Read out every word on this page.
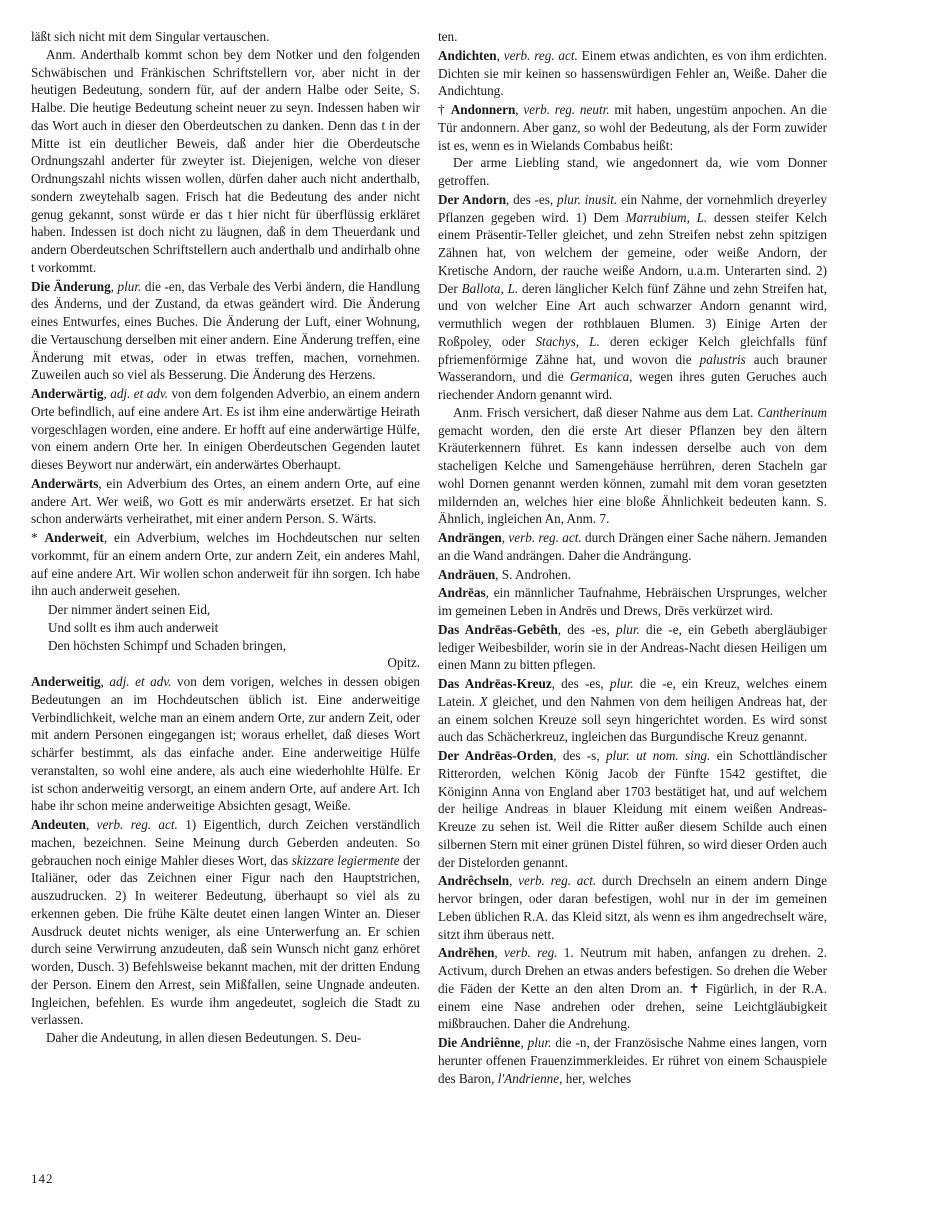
läßt sich nicht mit dem Singular vertauschen.

Anm. Anderthalb kommt schon bey dem Notker und den folgenden Schwäbischen und Fränkischen Schriftstellern vor, aber nicht in der heutigen Bedeutung, sondern für, auf der andern Halbe oder Seite, S. Halbe. Die heutige Bedeutung scheint neuer zu seyn. Indessen haben wir das Wort auch in dieser den Oberdeutschen zu danken. Denn das t in der Mitte ist ein deutlicher Beweis, daß ander hier die Oberdeutsche Ordnungszahl anderter für zweyter ist. Diejenigen, welche von dieser Ordnungszahl nichts wissen wollen, dürfen daher auch nicht anderthalb, sondern zweytehalb sagen. Frisch hat die Bedeutung des ander nicht genug gekannt, sonst würde er das t hier nicht für überflüssig erkläret haben. Indessen ist doch nicht zu läugnen, daß in dem Theuerdank und andern Oberdeutschen Schriftstellern auch anderthalb und andirhalb ohne t vorkommt.

Die Änderung, plur. die -en, das Verbale des Verbi ändern, die Handlung des Änderns, und der Zustand, da etwas geändert wird. Die Änderung eines Entwurfes, eines Buches. Die Änderung der Luft, einer Wohnung, die Vertauschung derselben mit einer andern. Eine Änderung treffen, eine Änderung mit etwas, oder in etwas treffen, machen, vornehmen. Zuweilen auch so viel als Besserung. Die Änderung des Herzens.

Anderwärtig, adj. et adv. von dem folgenden Adverbio, an einem andern Orte befindlich, auf eine andere Art. Es ist ihm eine anderwärtige Heirath vorgeschlagen worden, eine andere. Er hofft auf eine anderwärtige Hülfe, von einem andern Orte her. In einigen Oberdeutschen Gegenden lautet dieses Beywort nur anderwärt, ein anderwärtes Oberhaupt.

Anderwärts, ein Adverbium des Ortes, an einem andern Orte, auf eine andere Art. Wer weiß, wo Gott es mir anderwärts ersetzet. Er hat sich schon anderwärts verheirathet, mit einer andern Person. S. Wärts.

* Anderweit, ein Adverbium, welches im Hochdeutschen nur selten vorkommt, für an einem andern Orte, zur andern Zeit, ein anderes Mahl, auf eine andere Art. Wir wollen schon anderweit für ihn sorgen. Ich habe ihn auch anderweit gesehen.

Der nimmer ändert seinen Eid,

Und sollt es ihm auch anderweit

Den höchsten Schimpf und Schaden bringen,

Opitz.

Anderweitig, adj. et adv. von dem vorigen, welches in dessen obigen Bedeutungen an im Hochdeutschen üblich ist. Eine anderweitige Verbindlichkeit, welche man an einem andern Orte, zur andern Zeit, oder mit andern Personen eingegangen ist; woraus erhellet, daß dieses Wort schärfer bestimmt, als das einfache ander. Eine anderweitige Hülfe veranstalten, so wohl eine andere, als auch eine wiederhohlte Hülfe. Er ist schon anderweitig versorgt, an einem andern Orte, auf andere Art. Ich habe ihr schon meine anderweitige Absichten gesagt, Weiße.

Andeuten, verb. reg. act. 1) Eigentlich, durch Zeichen verständlich machen, bezeichnen. Seine Meinung durch Geberden andeuten. So gebrauchen noch einige Mahler dieses Wort, das skizzare legiermente der Italiäner, oder das Zeichnen einer Figur nach den Hauptstrichen, auszudrucken. 2) In weiterer Bedeutung, überhaupt so viel als zu erkennen geben. Die frühe Kälte deutet einen langen Winter an. Dieser Ausdruck deutet nichts weniger, als eine Unterwerfung an. Er schien durch seine Verwirrung anzudeuten, daß sein Wunsch nicht ganz erhöret worden, Dusch. 3) Befehlsweise bekannt machen, mit der dritten Endung der Person. Einem den Arrest, sein Mißfallen, seine Ungnade andeuten. Ingleichen, befehlen. Es wurde ihm angedeutet, sogleich die Stadt zu verlassen.

Daher die Andeutung, in allen diesen Bedeutungen. S. Deu-

ten.

Andichten, verb. reg. act. Einem etwas andichten, es von ihm erdichten. Dichten sie mir keinen so hassenswürdigen Fehler an, Weiße. Daher die Andichtung.

† Andonnern, verb. reg. neutr. mit haben, ungestüm anpochen. An die Tür andonnern. Aber ganz, so wohl der Bedeutung, als der Form zuwider ist es, wenn es in Wielands Combabus heißt:

Der arme Liebling stand, wie angedonnert da, wie vom Donner getroffen.

Der Andorn, des -es, plur. inusit. ein Nahme, der vornehmlich dreyerley Pflanzen gegeben wird. 1) Dem Marrubium, L. dessen steifer Kelch einem Präsentir-Teller gleichet, und zehn Streifen nebst zehn spitzigen Zähnen hat, von welchem der gemeine, oder weiße Andorn, der Kretische Andorn, der rauche weiße Andorn, u.a.m. Unterarten sind. 2) Der Ballota, L. deren länglicher Kelch fünf Zähne und zehn Streifen hat, und von welcher Eine Art auch schwarzer Andorn genannt wird, vermuthlich wegen der rothblauen Blumen. 3) Einige Arten der Roßpoley, oder Stachys, L. deren eckiger Kelch gleichfalls fünf pfriemenförmige Zähne hat, und wovon die palustris auch brauner Wasserandorn, und die Germanica, wegen ihres guten Geruches auch riechender Andorn genannt wird.

Anm. Frisch versichert, daß dieser Nahme aus dem Lat. Cantherinum gemacht worden, den die erste Art dieser Pflanzen bey den ältern Kräuterkennern führet. Es kann indessen derselbe auch von dem stacheligen Kelche und Samengehäuse herrühren, deren Stacheln gar wohl Dornen genannt werden können, zumahl mit dem voran gesetzten mildernden an, welches hier eine bloße Ähnlichkeit bedeuten kann. S. Ähnlich, ingleichen An, Anm. 7.

Andrängen, verb. reg. act. durch Drängen einer Sache nähern. Jemanden an die Wand andrängen. Daher die Andrängung.

Andräuen, S. Androhen.

Andrēas, ein männlicher Taufnahme, Hebräischen Ursprunges, welcher im gemeinen Leben in Andrēs und Drews, Drēs verkürzet wird.

Das Andrēas-Gebêth, des -es, plur. die -e, ein Gebeth abergläubiger lediger Weibesbilder, worin sie in der Andreas-Nacht diesen Heiligen um einen Mann zu bitten pflegen.

Das Andrēas-Kreuz, des -es, plur. die -e, ein Kreuz, welches einem Latein. X gleichet, und den Nahmen von dem heiligen Andreas hat, der an einem solchen Kreuze soll seyn hingerichtet worden. Es wird sonst auch das Schächerkreuz, ingleichen das Burgundische Kreuz genannt.

Der Andrēas-Orden, des -s, plur. ut nom. sing. ein Schottländischer Ritterorden, welchen König Jacob der Fünfte 1542 gestiftet, die Königinn Anna von England aber 1703 bestätiget hat, und auf welchem der heilige Andreas in blauer Kleidung mit einem weißen Andreas-Kreuze zu sehen ist. Weil die Ritter außer diesem Schilde auch einen silbernen Stern mit einer grünen Distel führen, so wird dieser Orden auch der Distelorden genannt.

Andrêchseln, verb. reg. act. durch Drechseln an einem andern Dinge hervor bringen, oder daran befestigen, wohl nur in der im gemeinen Leben üblichen R.A. das Kleid sitzt, als wenn es ihm angedrechselt wäre, sitzt ihm überaus nett.

Andrēhen, verb. reg. 1. Neutrum mit haben, anfangen zu drehen. 2. Activum, durch Drehen an etwas anders befestigen. So drehen die Weber die Fäden der Kette an den alten Drom an. ✝ Figürlich, in der R.A. einem eine Nase andrehen oder drehen, seine Leichtgläubigkeit mißbrauchen. Daher die Andrehung.

Die Andriênne, plur. die -n, der Französische Nahme eines langen, vorn herunter offenen Frauenzimmerkleides. Er rühret von einem Schauspiele des Baron, l'Andrienne, her, welches

142
